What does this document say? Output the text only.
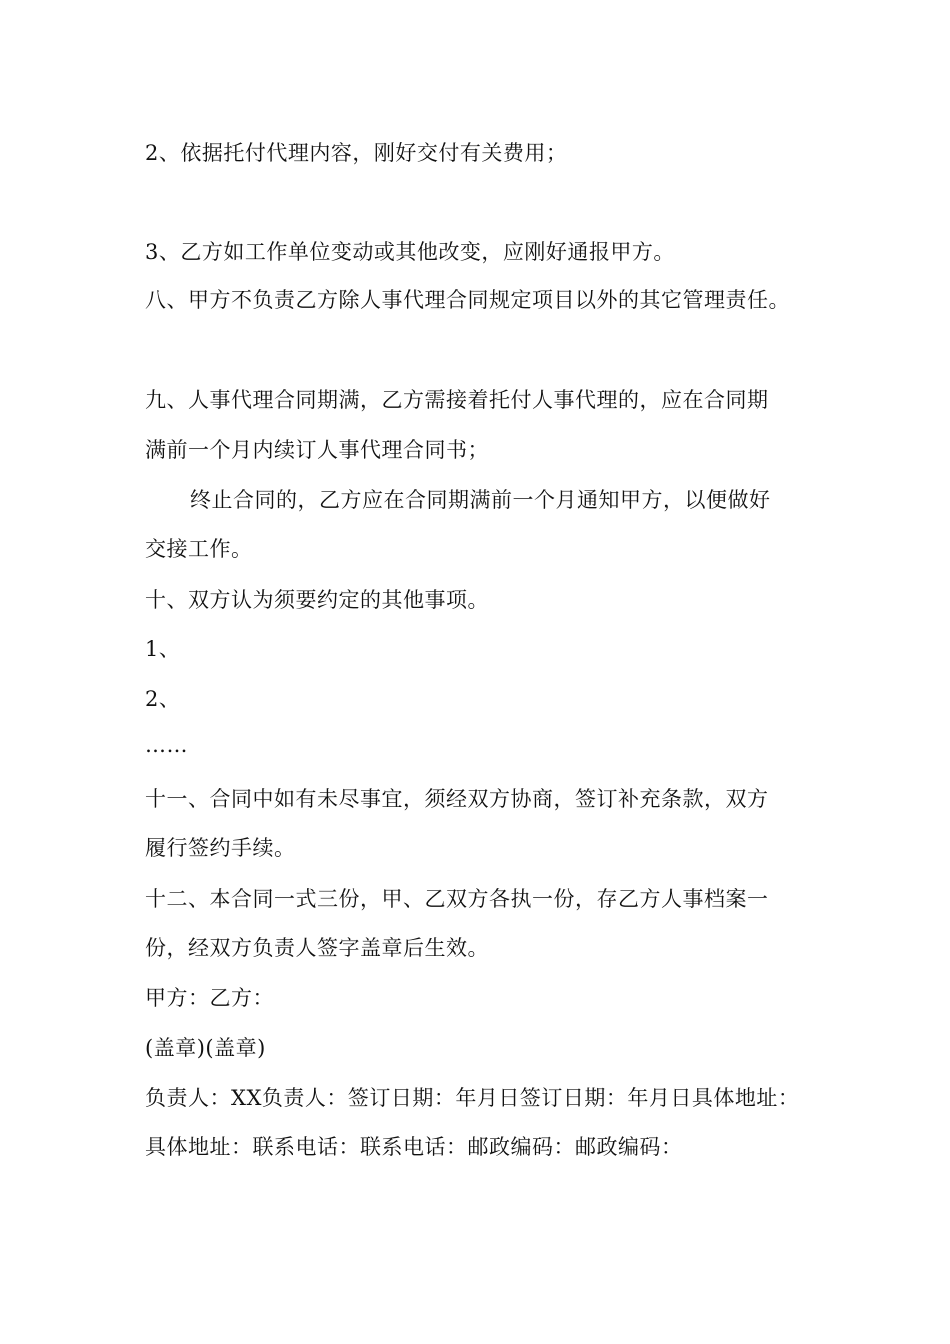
2、依据托付代理内容，刚好交付有关费用；
3、乙方如工作单位变动或其他改变，应刚好通报甲方。
八、甲方不负责乙方除人事代理合同规定项目以外的其它管理责任。
九、人事代理合同期满，乙方需接着托付人事代理的，应在合同期
满前一个月内续订人事代理合同书；
终止合同的，乙方应在合同期满前一个月通知甲方，以便做好
交接工作。
十、双方认为须要约定的其他事项。
1、
2、
……
十一、合同中如有未尽事宜，须经双方协商，签订补充条款，双方
履行签约手续。
十二、本合同一式三份，甲、乙双方各执一份，存乙方人事档案一
份，经双方负责人签字盖章后生效。
甲方：乙方：
(盖章)(盖章)
负责人：XX负责人：签订日期：年月日签订日期：年月日具体地址：
具体地址：联系电话：联系电话：邮政编码：邮政编码：
